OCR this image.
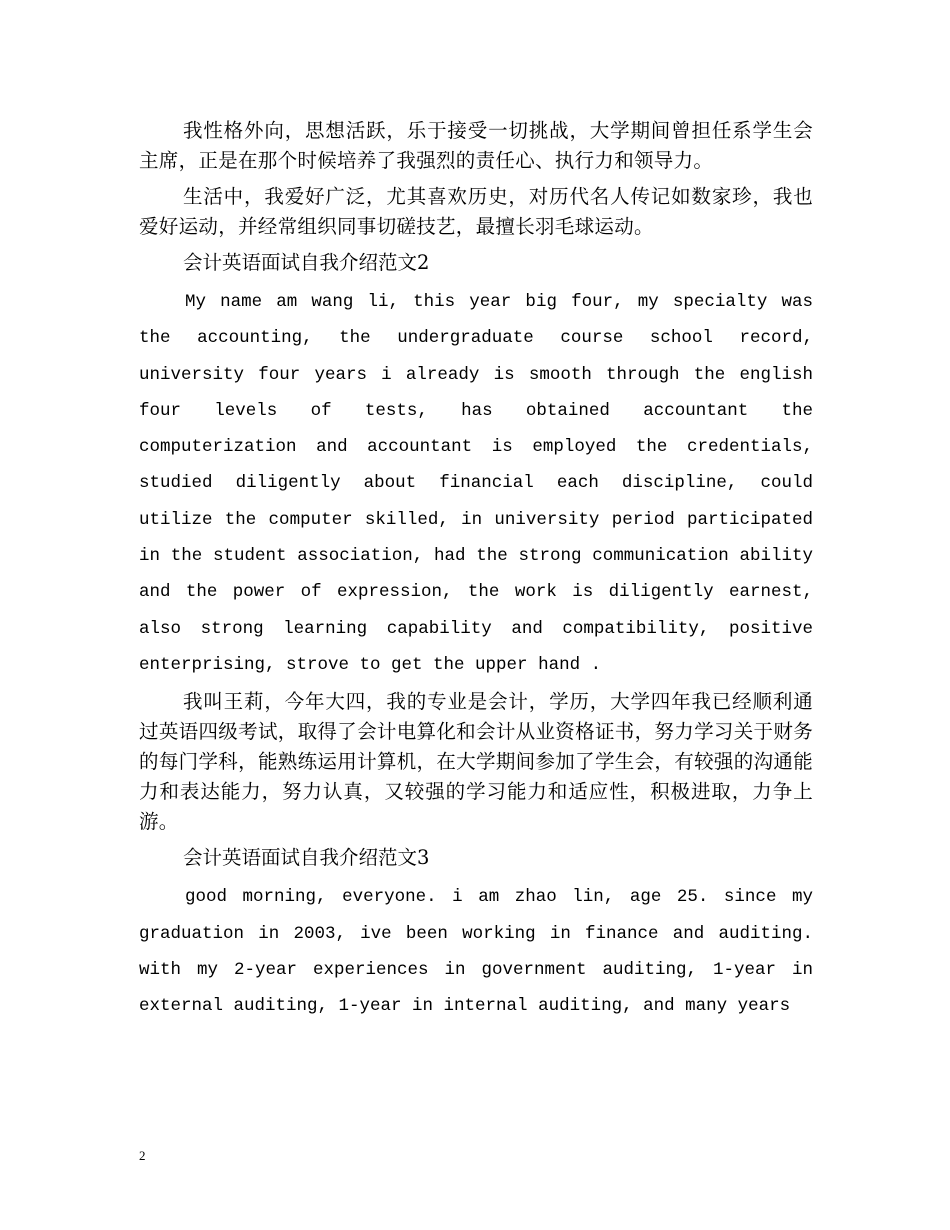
我性格外向，思想活跃，乐于接受一切挑战，大学期间曾担任系学生会主席，正是在那个时候培养了我强烈的责任心、执行力和领导力。

生活中，我爱好广泛，尤其喜欢历史，对历代名人传记如数家珍，我也爱好运动，并经常组织同事切磋技艺，最擅长羽毛球运动。

会计英语面试自我介绍范文2

My name am wang li, this year big four, my specialty was the accounting, the undergraduate course school record, university four years i already is smooth through the english four levels of tests, has obtained accountant the computerization and accountant is employed the credentials, studied diligently about financial each discipline, could utilize the computer skilled, in university period participated in the student association, had the strong communication ability and the power of expression, the work is diligently earnest, also strong learning capability and compatibility, positive enterprising, strove to get the upper hand .

我叫王莉，今年大四，我的专业是会计，学历，大学四年我已经顺利通过英语四级考试，取得了会计电算化和会计从业资格证书，努力学习关于财务的每门学科，能熟练运用计算机，在大学期间参加了学生会，有较强的沟通能力和表达能力，努力认真，又较强的学习能力和适应性，积极进取，力争上游。

会计英语面试自我介绍范文3

good morning, everyone. i am zhao lin, age 25. since my graduation in 2003, ive been working in finance and auditing. with my 2-year experiences in government auditing, 1-year in external auditing, 1-year in internal auditing, and many years

2
